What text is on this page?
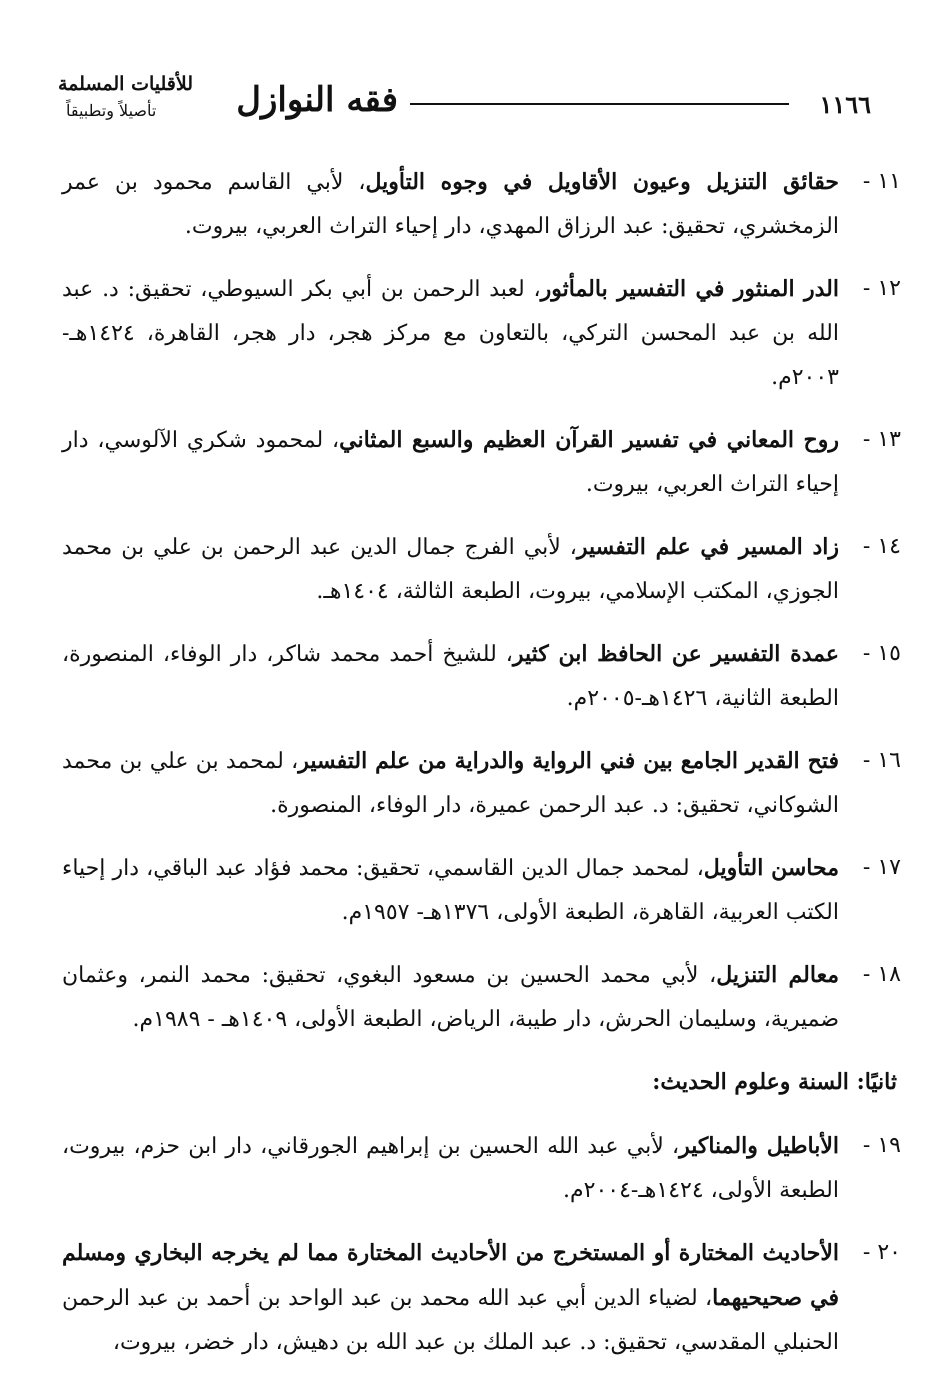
١١٦٦
فقه النوازل
للأقليات المسلمة
تأصيلاً وتطبيقاً
١١ -
حقائق التنزيل وعيون الأقاويل في وجوه التأويل، لأبي القاسم محمود بن عمر الزمخشري، تحقيق: عبد الرزاق المهدي، دار إحياء التراث العربي، بيروت.
١٢ -
الدر المنثور في التفسير بالمأثور، لعبد الرحمن بن أبي بكر السيوطي، تحقيق: د. عبد الله بن عبد المحسن التركي، بالتعاون مع مركز هجر، دار هجر، القاهرة، ١٤٢٤هـ- ٢٠٠٣م.
١٣ -
روح المعاني في تفسير القرآن العظيم والسبع المثاني، لمحمود شكري الآلوسي، دار إحياء التراث العربي، بيروت.
١٤ -
زاد المسير في علم التفسير، لأبي الفرج جمال الدين عبد الرحمن بن علي بن محمد الجوزي، المكتب الإسلامي، بيروت، الطبعة الثالثة، ١٤٠٤هـ.
١٥ -
عمدة التفسير عن الحافظ ابن كثير، للشيخ أحمد محمد شاكر، دار الوفاء، المنصورة، الطبعة الثانية، ١٤٢٦هـ-٢٠٠٥م.
١٦ -
فتح القدير الجامع بين فني الرواية والدراية من علم التفسير، لمحمد بن علي بن محمد الشوكاني، تحقيق: د. عبد الرحمن عميرة، دار الوفاء، المنصورة.
١٧ -
محاسن التأويل، لمحمد جمال الدين القاسمي، تحقيق: محمد فؤاد عبد الباقي، دار إحياء الكتب العربية، القاهرة، الطبعة الأولى، ١٣٧٦هـ- ١٩٥٧م.
١٨ -
معالم التنزيل، لأبي محمد الحسين بن مسعود البغوي، تحقيق: محمد النمر، وعثمان ضميرية، وسليمان الحرش، دار طيبة، الرياض، الطبعة الأولى، ١٤٠٩هـ - ١٩٨٩م.
ثانيًا: السنة وعلوم الحديث:
١٩ -
الأباطيل والمناكير، لأبي عبد الله الحسين بن إبراهيم الجورقاني، دار ابن حزم، بيروت، الطبعة الأولى، ١٤٢٤هـ-٢٠٠٤م.
٢٠ -
الأحاديث المختارة أو المستخرج من الأحاديث المختارة مما لم يخرجه البخاري ومسلم في صحيحيهما، لضياء الدين أبي عبد الله محمد بن عبد الواحد بن أحمد بن عبد الرحمن الحنبلي المقدسي، تحقيق: د. عبد الملك بن عبد الله بن دهيش، دار خضر، بيروت،
